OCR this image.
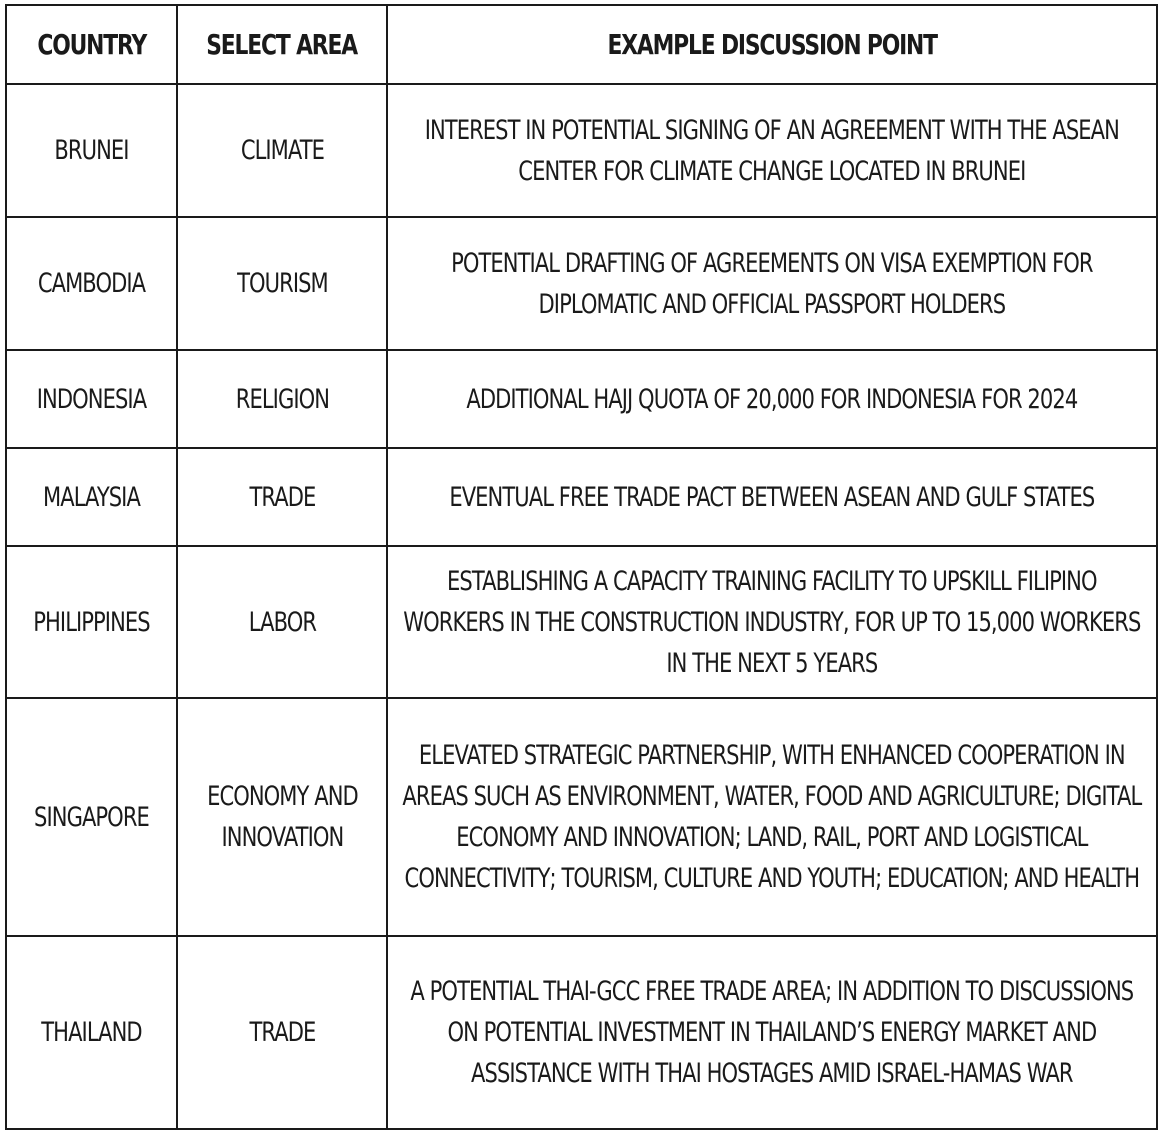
COUNTRY	SELECT AREA	EXAMPLE DISCUSSION POINT
BRUNEI	CLIMATE	INTEREST IN POTENTIAL SIGNING OF AN AGREEMENT WITH THE ASEAN CENTER FOR CLIMATE CHANGE LOCATED IN BRUNEI
CAMBODIA	TOURISM	POTENTIAL DRAFTING OF AGREEMENTS ON VISA EXEMPTION FOR DIPLOMATIC AND OFFICIAL PASSPORT HOLDERS
INDONESIA	RELIGION	ADDITIONAL HAJJ QUOTA OF 20,000 FOR INDONESIA FOR 2024
MALAYSIA	TRADE	EVENTUAL FREE TRADE PACT BETWEEN ASEAN AND GULF STATES
PHILIPPINES	LABOR	ESTABLISHING A CAPACITY TRAINING FACILITY TO UPSKILL FILIPINO WORKERS IN THE CONSTRUCTION INDUSTRY, FOR UP TO 15,000 WORKERS IN THE NEXT 5 YEARS
SINGAPORE	ECONOMY AND INNOVATION	ELEVATED STRATEGIC PARTNERSHIP, WITH ENHANCED COOPERATION IN AREAS SUCH AS ENVIRONMENT, WATER, FOOD AND AGRICULTURE; DIGITAL ECONOMY AND INNOVATION; LAND, RAIL, PORT AND LOGISTICAL CONNECTIVITY; TOURISM, CULTURE AND YOUTH; EDUCATION; AND HEALTH
THAILAND	TRADE	A POTENTIAL THAI-GCC FREE TRADE AREA; IN ADDITION TO DISCUSSIONS ON POTENTIAL INVESTMENT IN THAILAND’S ENERGY MARKET AND ASSISTANCE WITH THAI HOSTAGES AMID ISRAEL-HAMAS WAR
